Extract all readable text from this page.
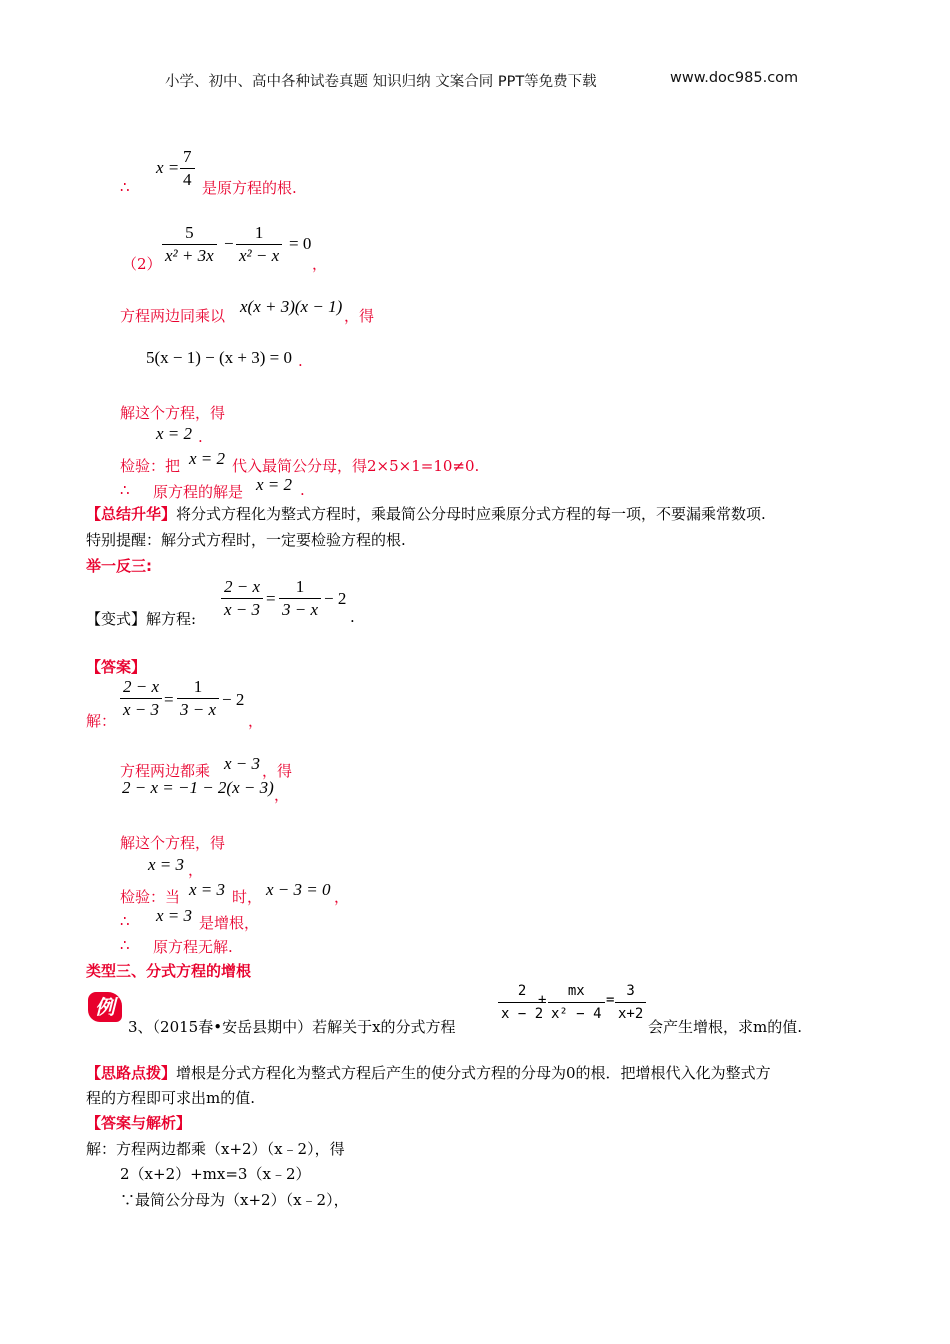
小学、初中、高中各种试卷真题 知识归纳 文案合同 PPT等免费下载	www.doc985.com
$x = \frac{7}{4}$
∴	是原方程的根.
$\frac{5}{\text{x² + 3x}} - \frac{1}{\text{x² − x}} = 0$
（2）	，
方程两边同乘以 x(x + 3)(x − 1) ，得
5(x − 1) − (x + 3) = 0 .
解这个方程，得
x = 2 .
检验：把 x = 2 代入最简公分母，得2×5×1=10≠0.
∴ 原方程的解是 x = 2 .
【总结升华】将分式方程化为整式方程时，乘最简公分母时应乘原分式方程的每一项，不要漏乘常数项.
特别提醒：解分式方程时，一定要检验方程的根.
举一反三:
【变式】解方程: $\frac{2 - x}{x - 3} = \frac{1}{3 - x} - 2$
.
【答案】
$\frac{2 - x}{x - 3} = \frac{1}{3 - x} - 2$
解：	，
方程两边都乘 x − 3 ，得
2 − x = −1 − 2(x − 3) ，
解这个方程，得
x = 3 ，
检验：当 x = 3 时， x − 3 = 0 ，
∴ x = 3 是增根，
∴ 原方程无解.
类型三、分式方程的增根
例
3、（2015春•安岳县期中）若解关于x的分式方程
$\frac{2}{x - 2}$
+ $\frac{mx}{\text{x² − 4}} = \frac{3}{x+2}$
会产生增根，求m的值.
【思路点拨】增根是分式方程化为整式方程后产生的使分式方程的分母为0的根．把增根代入化为整式方
程的方程即可求出m的值.
【答案与解析】
解：方程两边都乘（x+2）（x﹣2），得
2（x+2）+mx=3（x﹣2）
∵最简公分母为（x+2）（x﹣2），
